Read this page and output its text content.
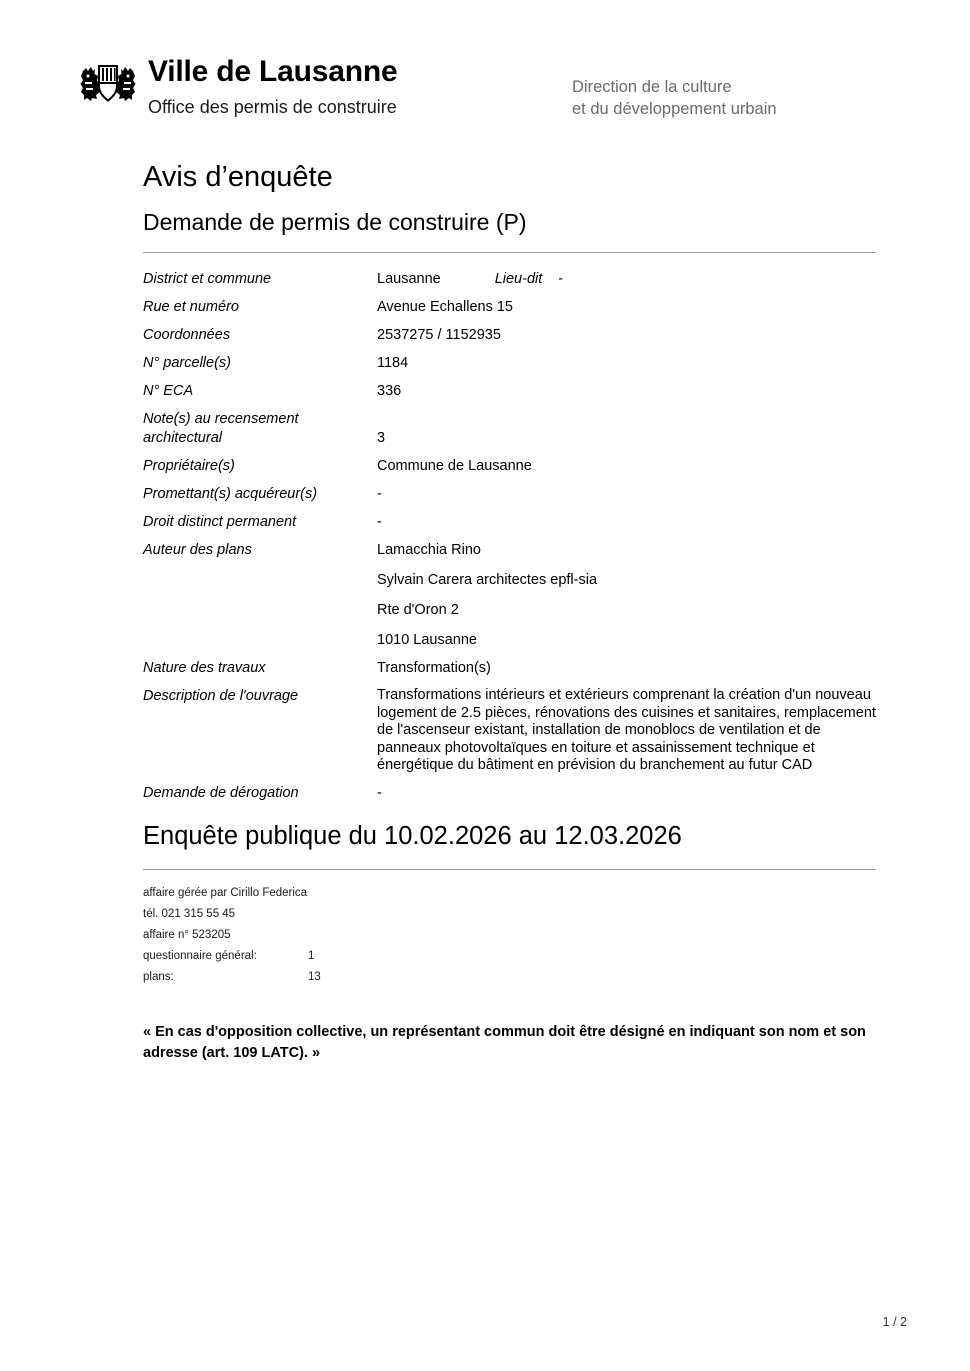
Ville de Lausanne
Office des permis de construire
Direction de la culture
et du développement urbain
Avis d’enquête
Demande de permis de construire (P)
District et commune	Lausanne	Lieu-dit -
Rue et numéro	Avenue Echallens 15
Coordonnées	2537275 / 1152935
N° parcelle(s)	1184
N° ECA	336
Note(s) au recensement
architectural	3
Propriétaire(s)	Commune de Lausanne
Promettant(s) acquéreur(s)	-
Droit distinct permanent	-
Auteur des plans	Lamacchia Rino
Sylvain Carera architectes epfl-sia
Rte d'Oron 2
1010 Lausanne
Nature des travaux	Transformation(s)
Description de l'ouvrage	Transformations intérieurs et extérieurs comprenant la création d'un nouveau logement de 2.5 pièces, rénovations des cuisines et sanitaires, remplacement de l'ascenseur existant, installation de monoblocs de ventilation et de panneaux photovoltaïques en toiture et assainissement technique et énergétique du bâtiment en prévision du branchement au futur CAD
Demande de dérogation	-
Enquête publique du 10.02.2026 au 12.03.2026
affaire gérée par Cirillo Federica
tél. 021 315 55 45
affaire n° 523205
questionnaire général:	1
plans:	13
« En cas d'opposition collective, un représentant commun doit être désigné en indiquant son nom et son adresse (art. 109 LATC). »
1 / 2
